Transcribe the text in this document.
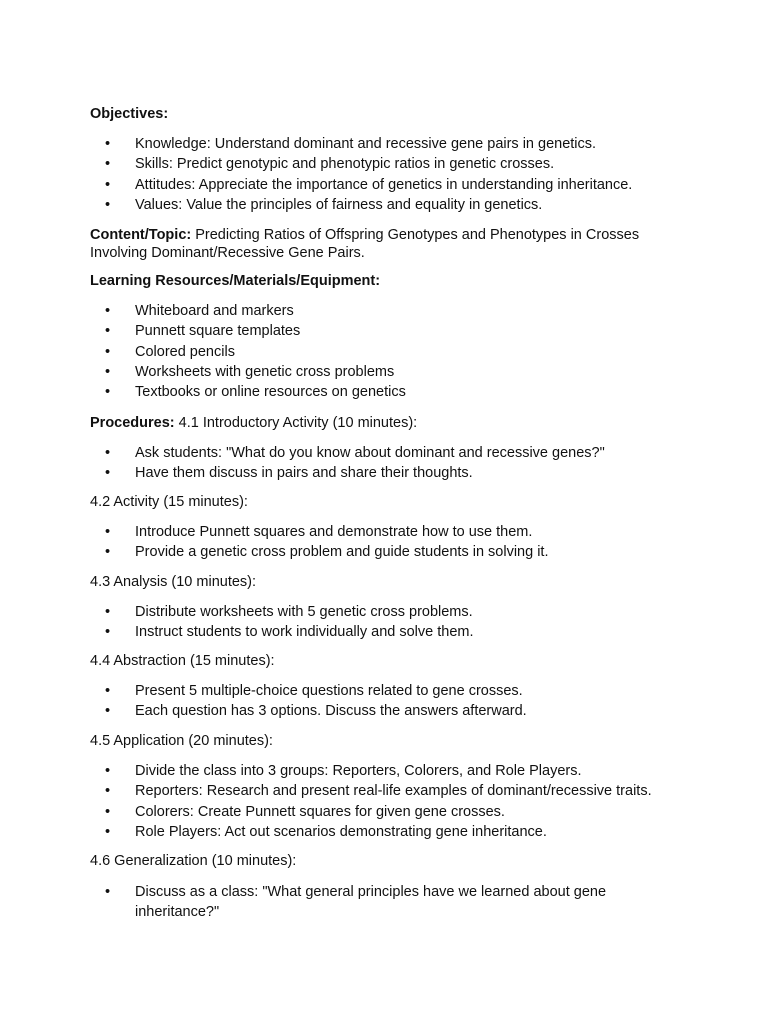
Objectives:
• Knowledge: Understand dominant and recessive gene pairs in genetics.
• Skills: Predict genotypic and phenotypic ratios in genetic crosses.
• Attitudes: Appreciate the importance of genetics in understanding inheritance.
• Values: Value the principles of fairness and equality in genetics.
Content/Topic: Predicting Ratios of Offspring Genotypes and Phenotypes in Crosses
Involving Dominant/Recessive Gene Pairs.
Learning Resources/Materials/Equipment:
• Whiteboard and markers
• Punnett square templates
• Colored pencils
• Worksheets with genetic cross problems
• Textbooks or online resources on genetics
Procedures: 4.1 Introductory Activity (10 minutes):
• Ask students: "What do you know about dominant and recessive genes?"
• Have them discuss in pairs and share their thoughts.
4.2 Activity (15 minutes):
• Introduce Punnett squares and demonstrate how to use them.
• Provide a genetic cross problem and guide students in solving it.
4.3 Analysis (10 minutes):
• Distribute worksheets with 5 genetic cross problems.
• Instruct students to work individually and solve them.
4.4 Abstraction (15 minutes):
• Present 5 multiple-choice questions related to gene crosses.
• Each question has 3 options. Discuss the answers afterward.
4.5 Application (20 minutes):
• Divide the class into 3 groups: Reporters, Colorers, and Role Players.
• Reporters: Research and present real-life examples of dominant/recessive traits.
• Colorers: Create Punnett squares for given gene crosses.
• Role Players: Act out scenarios demonstrating gene inheritance.
4.6 Generalization (10 minutes):
• Discuss as a class: "What general principles have we learned about gene inheritance?"
